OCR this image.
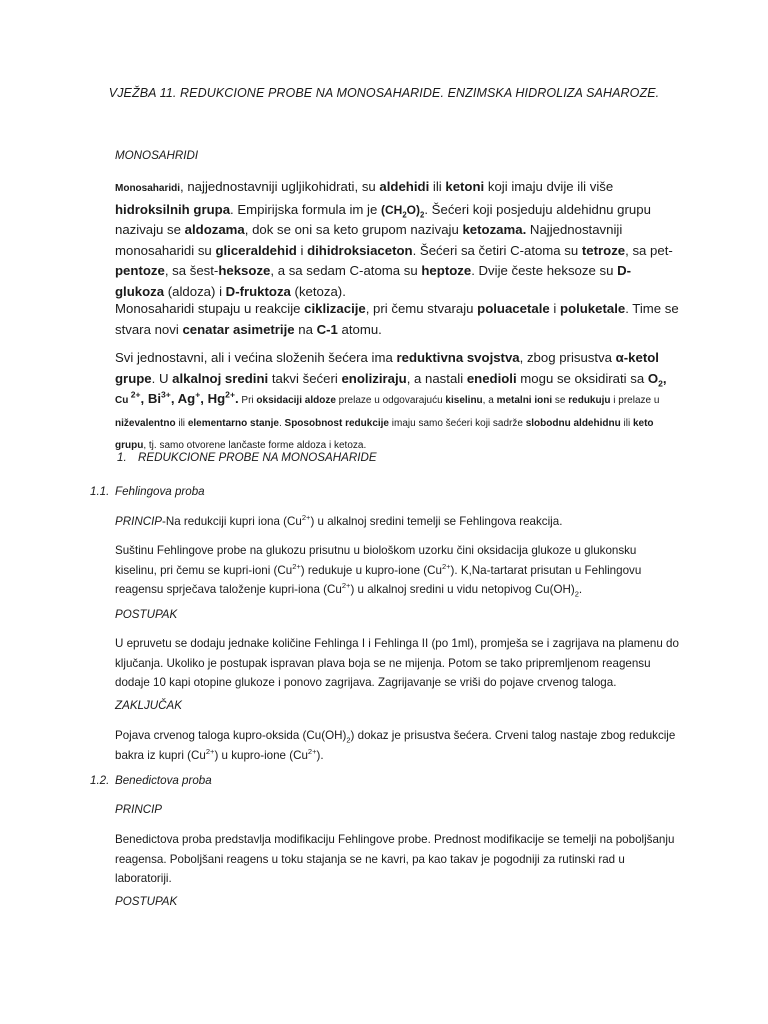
VJEŽBA 11. REDUKCIONE PROBE NA MONOSAHARIDE. ENZIMSKA HIDROLIZA SAHAROZE.
MONOSAHRIDI
Monosaharidi, najjednostavniji ugljikohidrati, su aldehidi ili ketoni koji imaju dvije ili više hidroksilnih grupa. Empirijska formula im je $(CH_2O)_2$. Šećeri koji posjeduju aldehidnu grupu nazivaju se aldozama, dok se oni sa keto grupom nazivaju ketozama. Najjednostavniji monosaharidi su gliceraldehid i dihidroksiaceton. Šećeri sa četiri C-atoma su tetroze, sa pet-pentoze, sa šest-heksoze, a sa sedam C-atoma su heptoze. Dvije česte heksoze su D-glukoza (aldoza) i D-fruktoza (ketoza).
Monosaharidi stupaju u reakcije ciklizacije, pri čemu stvaraju poluacetale i poluketale. Time se stvara novi cenatar asimetrije na C-1 atomu.
Svi jednostavni, ali i većina složenih šećera ima reduktivna svojstva, zbog prisustva α-ketol grupe. U alkalnoj sredini takvi šećeri enoliziraju, a nastali enedioli mogu se oksidirati sa $O_2$, Cu $^{2+}$, $Bi^{3+}$, Ag+, $Hg^{2+}$. Pri oksidaciji aldoze prelaze u odgovarajuću kiselinu, a metalni ioni se redukuju i prelaze u niževalentno ili elementarno stanje. Sposobnost redukcije imaju samo šećeri koji sadrže slobodnu aldehidnu ili keto grupu, tj. samo otvorene lančaste forme aldoza i ketoza.
1. REDUKCIONE PROBE NA MONOSAHARIDE
1.1. Fehlingova proba
PRINCIP-Na redukciji kupri iona $(Cu^{2+})$ u alkalnoj sredini temelji se Fehlingova reakcija.
Suštinu Fehlingove probe na glukozu prisutnu u biološkom uzorku čini oksidacija glukoze u glukonsku kiselinu, pri čemu se kupri-ioni $(Cu^{2+})$ redukuje u kupro-ione $(Cu^{2+})$. K,Na-tartarat prisutan u Fehlingovu reagensu sprječava taloženje kupri-iona $(Cu^{2+})$ u alkalnoj sredini u vidu netopivog $Cu(OH)_2$.
POSTUPAK
U epruvetu se dodaju jednake količine Fehlinga I i Fehlinga II (po 1ml), promješa se i zagrijava na plamenu do ključanja. Ukoliko je postupak ispravan plava boja se ne mijenja. Potom se tako pripremljenom reagensu dodaje 10 kapi otopine glukoze i ponovo zagrijava. Zagrijavanje se vriši do pojave crvenog taloga.
ZAKLJUČAK
Pojava crvenog taloga kupro-oksida $(Cu(OH)_2)$ dokaz je prisustva šećera. Crveni talog nastaje zbog redukcije bakra iz kupri $(Cu^{2+})$ u kupro-ione $(Cu^{2+})$.
1.2. Benedictova proba
PRINCIP
Benedictova proba predstavlja modifikaciju Fehlingove probe. Prednost modifikacije se temelji na poboljšanju reagensa. Poboljšani reagens u toku stajanja se ne kavri, pa kao takav je pogodniji za rutinski rad u laboratoriji.
POSTUPAK
